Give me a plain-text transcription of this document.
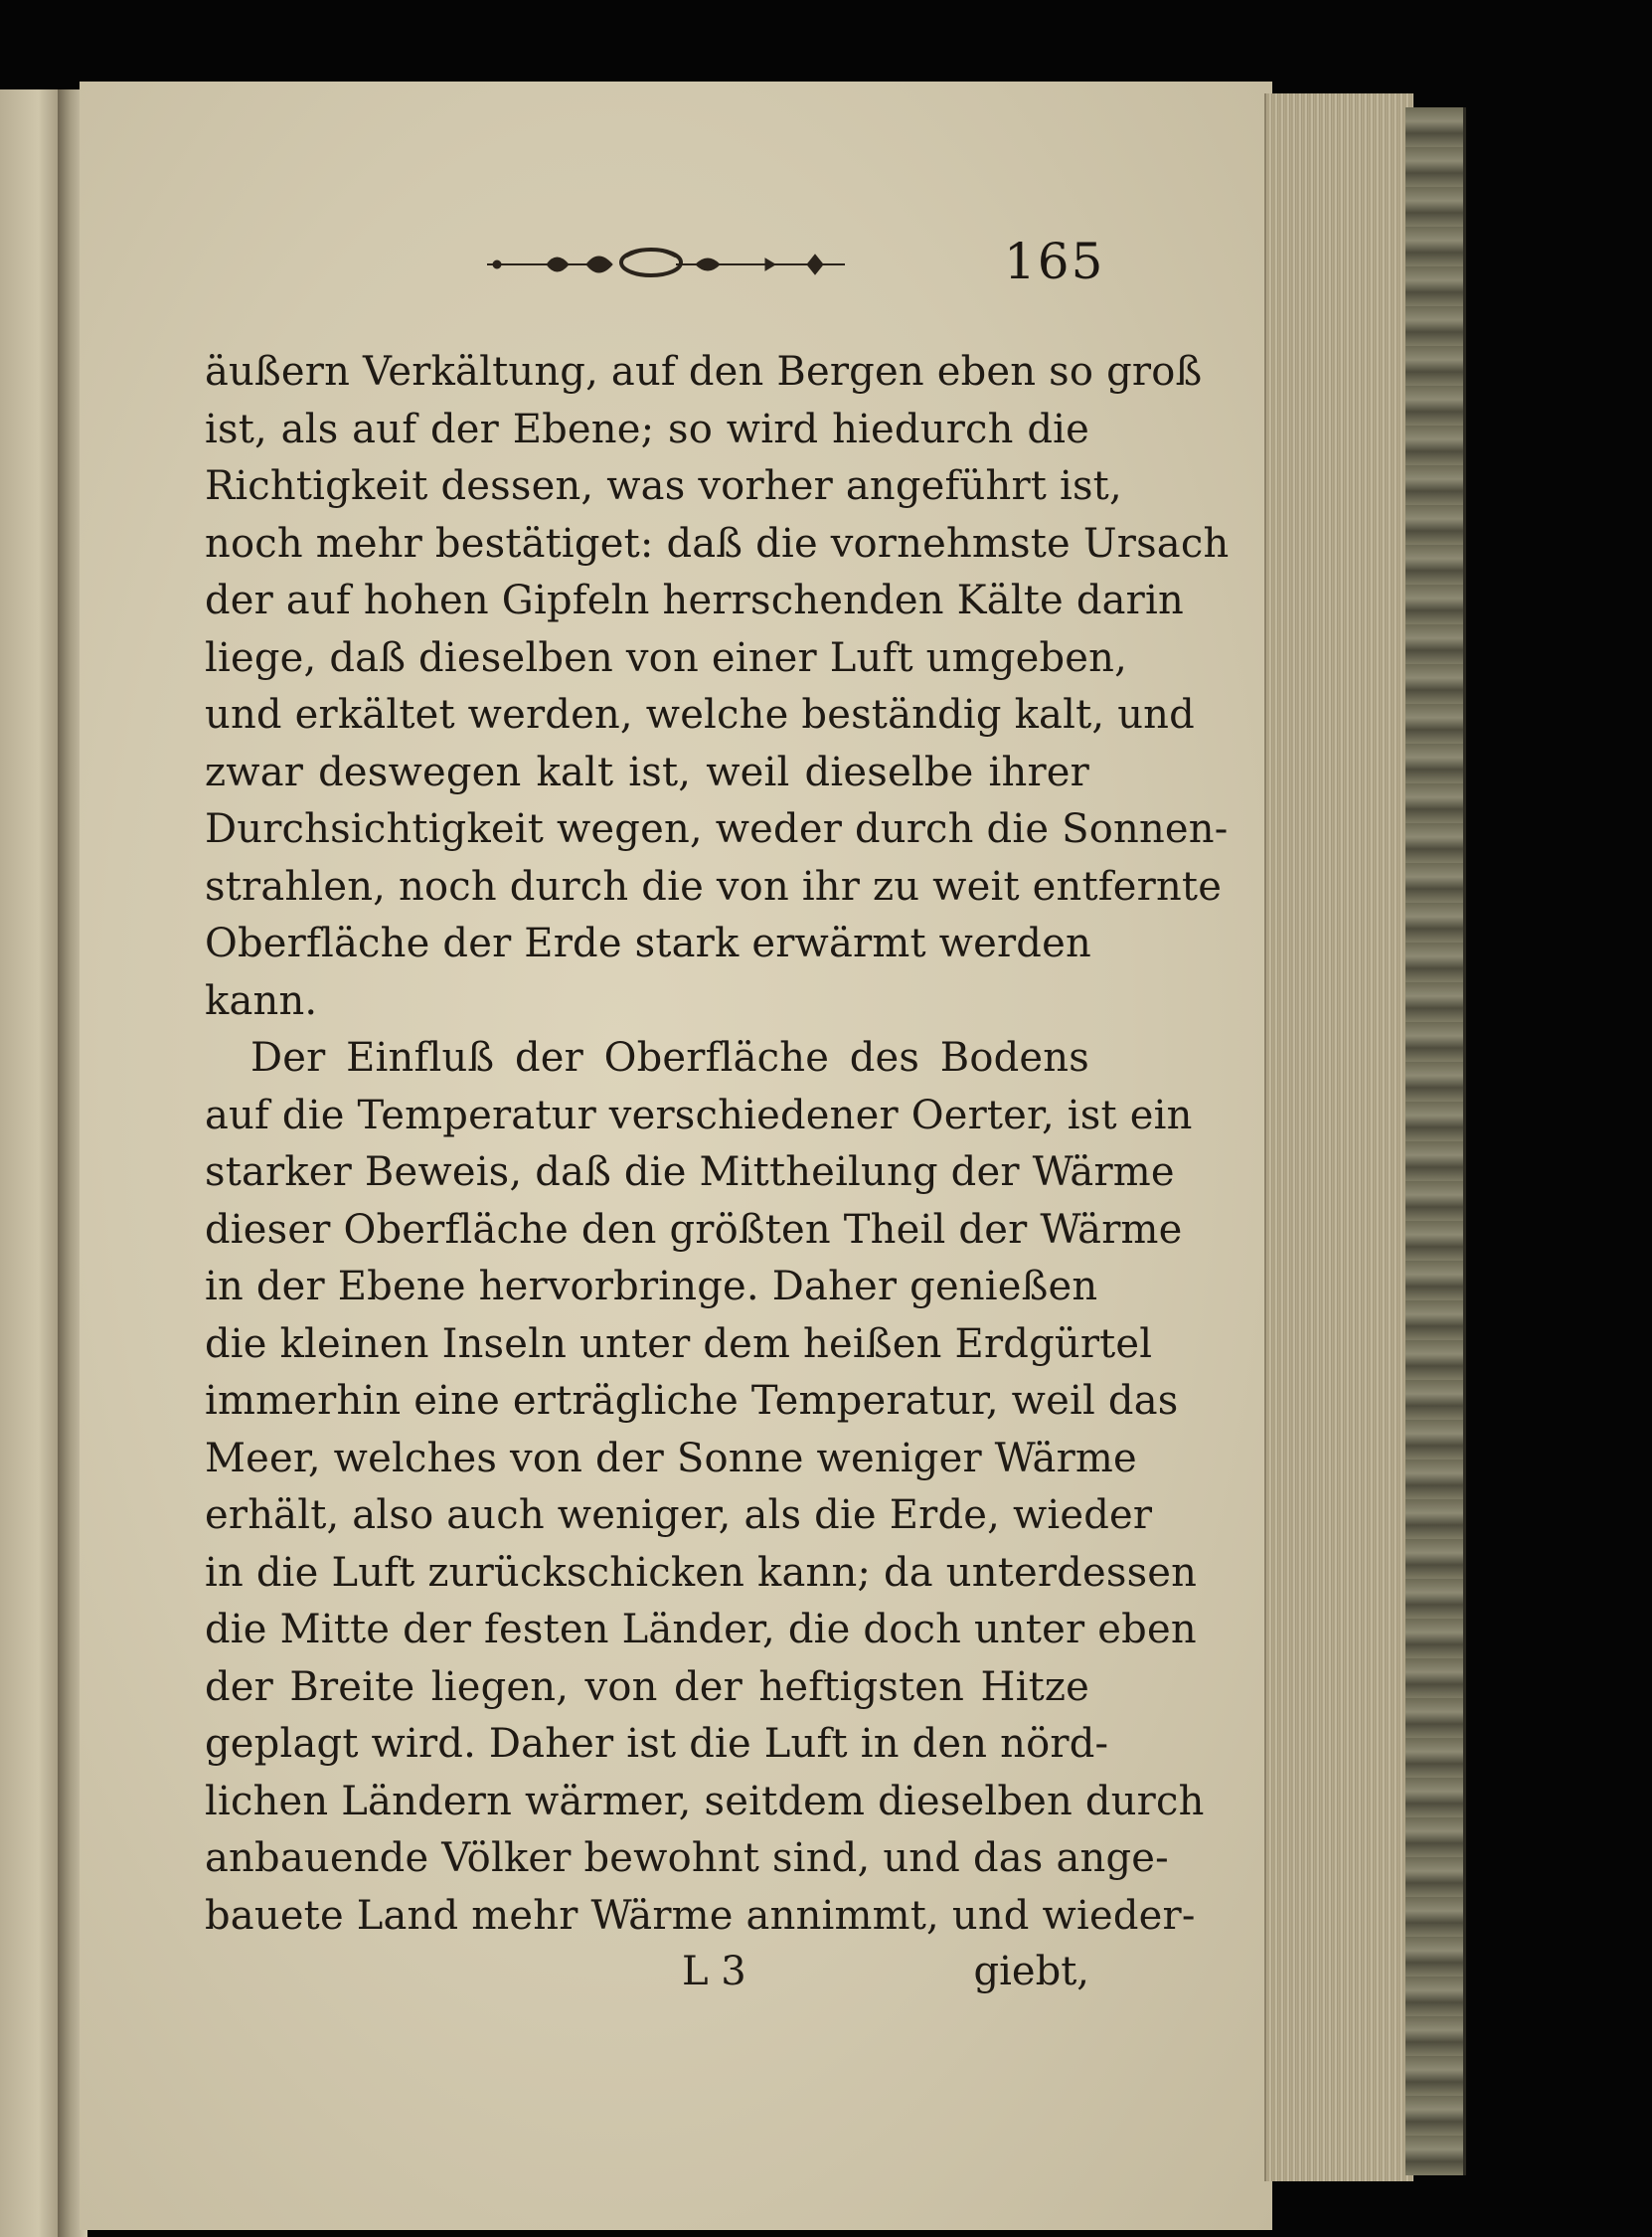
165
äußern Verkältung, auf den Bergen eben so groß
ist, als auf der Ebene; so wird hiedurch die
Richtigkeit dessen, was vorher angeführt ist,
noch mehr bestätiget: daß die vornehmste Ursach
der auf hohen Gipfeln herrschenden Kälte darin
liege, daß dieselben von einer Luft umgeben,
und erkältet werden, welche beständig kalt, und
zwar deswegen kalt ist, weil dieselbe ihrer
Durchsichtigkeit wegen, weder durch die Sonnen-
strahlen, noch durch die von ihr zu weit entfernte
Oberfläche der Erde stark erwärmt werden
kann.
Der Einfluß der Oberfläche des Bodens
auf die Temperatur verschiedener Oerter, ist ein
starker Beweis, daß die Mittheilung der Wärme
dieser Oberfläche den größten Theil der Wärme
in der Ebene hervorbringe. Daher genießen
die kleinen Inseln unter dem heißen Erdgürtel
immerhin eine erträgliche Temperatur, weil das
Meer, welches von der Sonne weniger Wärme
erhält, also auch weniger, als die Erde, wieder
in die Luft zurückschicken kann; da unterdessen
die Mitte der festen Länder, die doch unter eben
der Breite liegen, von der heftigsten Hitze
geplagt wird. Daher ist die Luft in den nörd-
lichen Ländern wärmer, seitdem dieselben durch
anbauende Völker bewohnt sind, und das ange-
bauete Land mehr Wärme annimmt, und wieder-
L 3	giebt,
